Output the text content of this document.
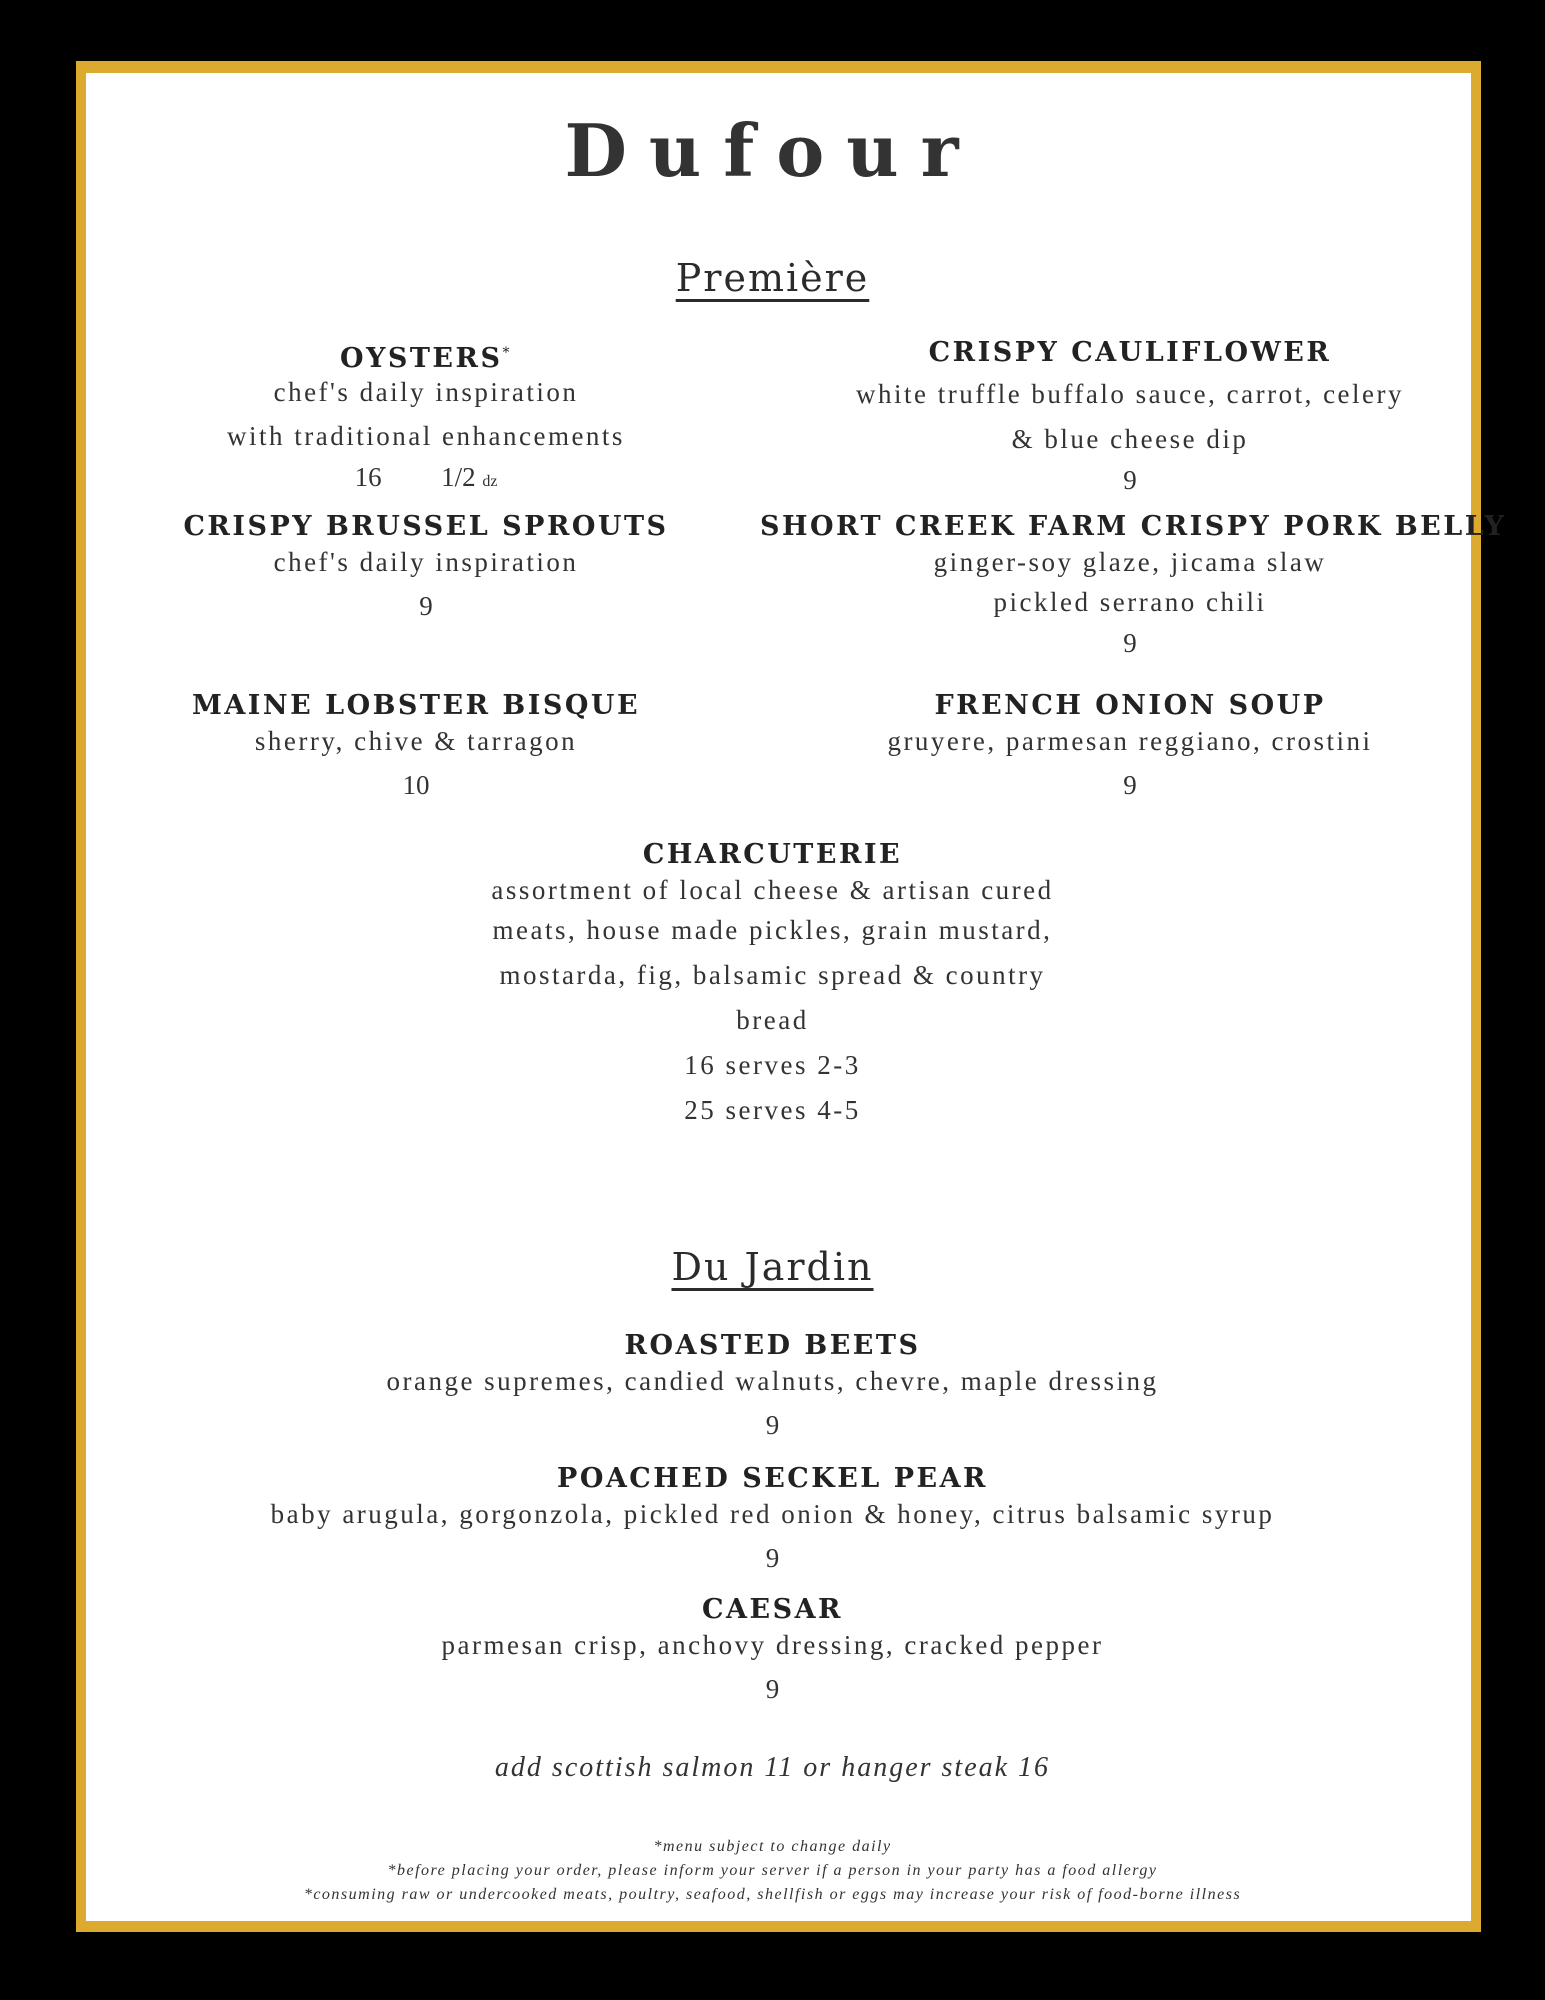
Dufour
Première
OYSTERS*
chef's daily inspiration
with traditional enhancements
16 1/2 dz
CRISPY CAULIFLOWER
white truffle buffalo sauce, carrot, celery
& blue cheese dip
9
CRISPY BRUSSEL SPROUTS
chef's daily inspiration
9
SHORT CREEK FARM CRISPY PORK BELLY
ginger-soy glaze, jicama slaw
pickled serrano chili
9
MAINE LOBSTER BISQUE
sherry, chive & tarragon
10
FRENCH ONION SOUP
gruyere, parmesan reggiano, crostini
9
CHARCUTERIE
assortment of local cheese & artisan cured
meats, house made pickles, grain mustard,
mostarda, fig, balsamic spread & country
bread
16 serves 2-3
25 serves 4-5
Du Jardin
ROASTED BEETS
orange supremes, candied walnuts, chevre, maple dressing
9
POACHED SECKEL PEAR
baby arugula, gorgonzola, pickled red onion & honey, citrus balsamic syrup
9
CAESAR
parmesan crisp, anchovy dressing, cracked pepper
9
add scottish salmon 11 or hanger steak 16
*menu subject to change daily
*before placing your order, please inform your server if a person in your party has a food allergy
*consuming raw or undercooked meats, poultry, seafood, shellfish or eggs may increase your risk of food-borne illness
